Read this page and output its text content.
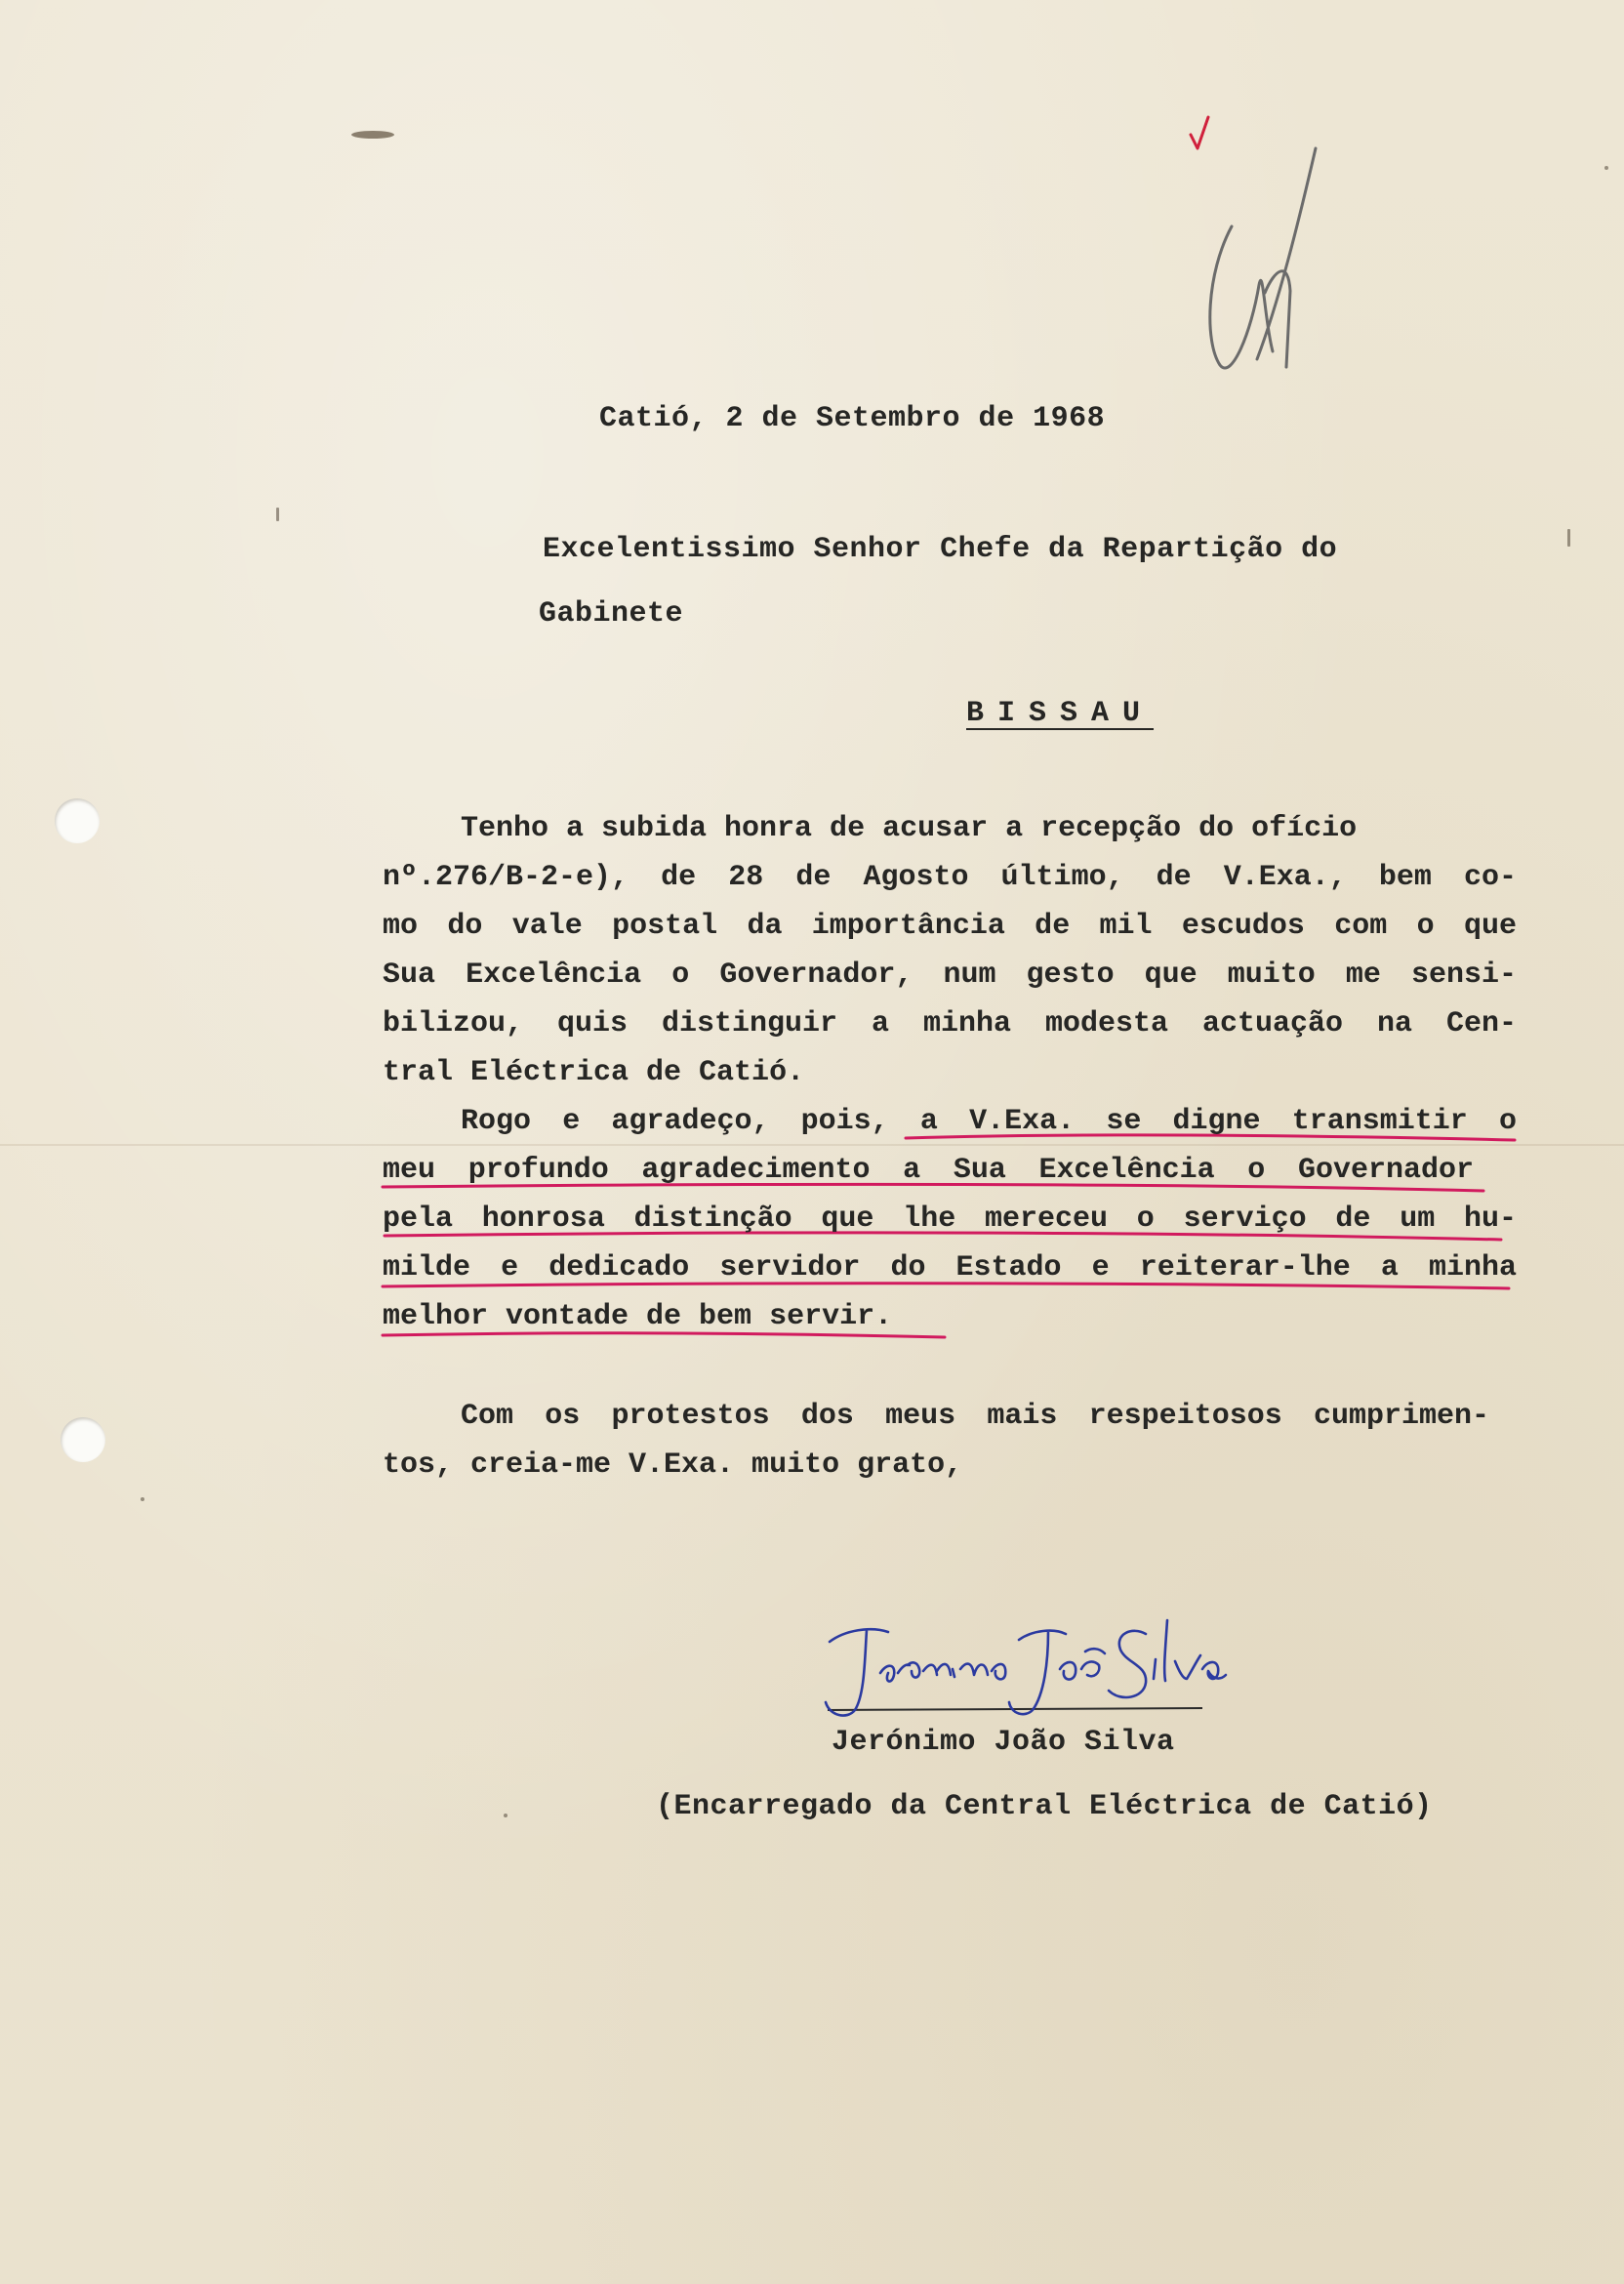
Catió, 2 de Setembro de 1968

Excelentissimo Senhor Chefe da Repartição do

Gabinete

BISSAU

Tenho a subida honra de acusar a recepção do ofício

nº.276/B-2-e), de 28 de Agosto último, de V.Exa., bem co-

mo do vale postal da importância de mil escudos com o que

Sua Excelência o Governador, num gesto que muito me sensi-

bilizou, quis distinguir a minha modesta actuação na Cen-

tral Eléctrica de Catió.

Rogo e agradeço, pois, a V.Exa. se digne transmitir o

meu profundo agradecimento a Sua Excelência o Governador

pela honrosa distinção que lhe mereceu o serviço de um hu-

milde e dedicado servidor do Estado e reiterar-lhe a minha

melhor vontade de bem servir.

Com os protestos dos meus mais respeitosos cumprimen-

tos, creia-me V.Exa. muito grato,

Jerónimo João Silva

(Encarregado da Central Eléctrica de Catió)
